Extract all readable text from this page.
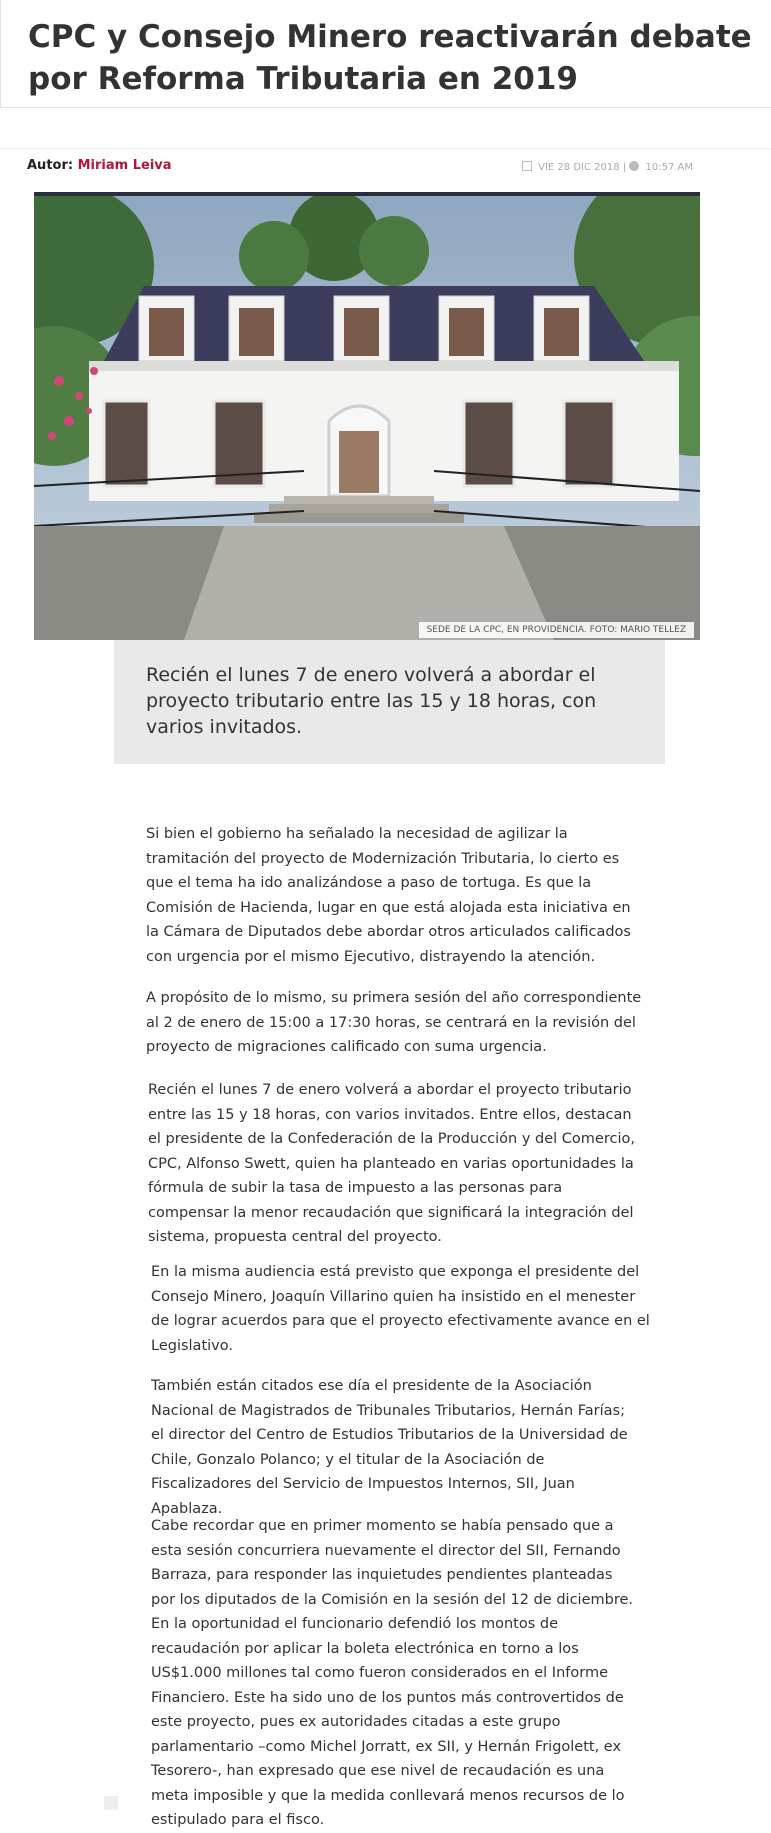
CPC y Consejo Minero reactivarán debate por Reforma Tributaria en 2019
Autor: Miriam Leiva	VIE 28 DIC 2018 | 10:57 AM
SEDE DE LA CPC, EN PROVIDENCIA. FOTO: MARIO TELLEZ
Recién el lunes 7 de enero volverá a abordar el proyecto tributario entre las 15 y 18 horas, con varios invitados.

Si bien el gobierno ha señalado la necesidad de agilizar la tramitación del proyecto de Modernización Tributaria, lo cierto es que el tema ha ido analizándose a paso de tortuga. Es que la Comisión de Hacienda, lugar en que está alojada esta iniciativa en la Cámara de Diputados debe abordar otros articulados calificados con urgencia por el mismo Ejecutivo, distrayendo la atención.

A propósito de lo mismo, su primera sesión del año correspondiente al 2 de enero de 15:00 a 17:30 horas, se centrará en la revisión del proyecto de migraciones calificado con suma urgencia.

Recién el lunes 7 de enero volverá a abordar el proyecto tributario entre las 15 y 18 horas, con varios invitados. Entre ellos, destacan el presidente de la Confederación de la Producción y del Comercio, CPC, Alfonso Swett, quien ha planteado en varias oportunidades la fórmula de subir la tasa de impuesto a las personas para compensar la menor recaudación que significará la integración del sistema, propuesta central del proyecto.

En la misma audiencia está previsto que exponga el presidente del Consejo Minero, Joaquín Villarino quien ha insistido en el menester de lograr acuerdos para que el proyecto efectivamente avance en el Legislativo.

También están citados ese día el presidente de la Asociación Nacional de Magistrados de Tribunales Tributarios, Hernán Farías; el director del Centro de Estudios Tributarios de la Universidad de Chile, Gonzalo Polanco; y el titular de la Asociación de Fiscalizadores del Servicio de Impuestos Internos, SII, Juan Apablaza.

Cabe recordar que en primer momento se había pensado que a esta sesión concurriera nuevamente el director del SII, Fernando Barraza, para responder las inquietudes pendientes planteadas por los diputados de la Comisión en la sesión del 12 de diciembre. En la oportunidad el funcionario defendió los montos de recaudación por aplicar la boleta electrónica en torno a los US$1.000 millones tal como fueron considerados en el Informe Financiero. Este ha sido uno de los puntos más controvertidos de este proyecto, pues ex autoridades citadas a este grupo parlamentario –como Michel Jorratt, ex SII, y Hernán Frigolett, ex Tesorero-, han expresado que ese nivel de recaudación es una meta imposible y que la medida conllevará menos recursos de lo estipulado para el fisco.
